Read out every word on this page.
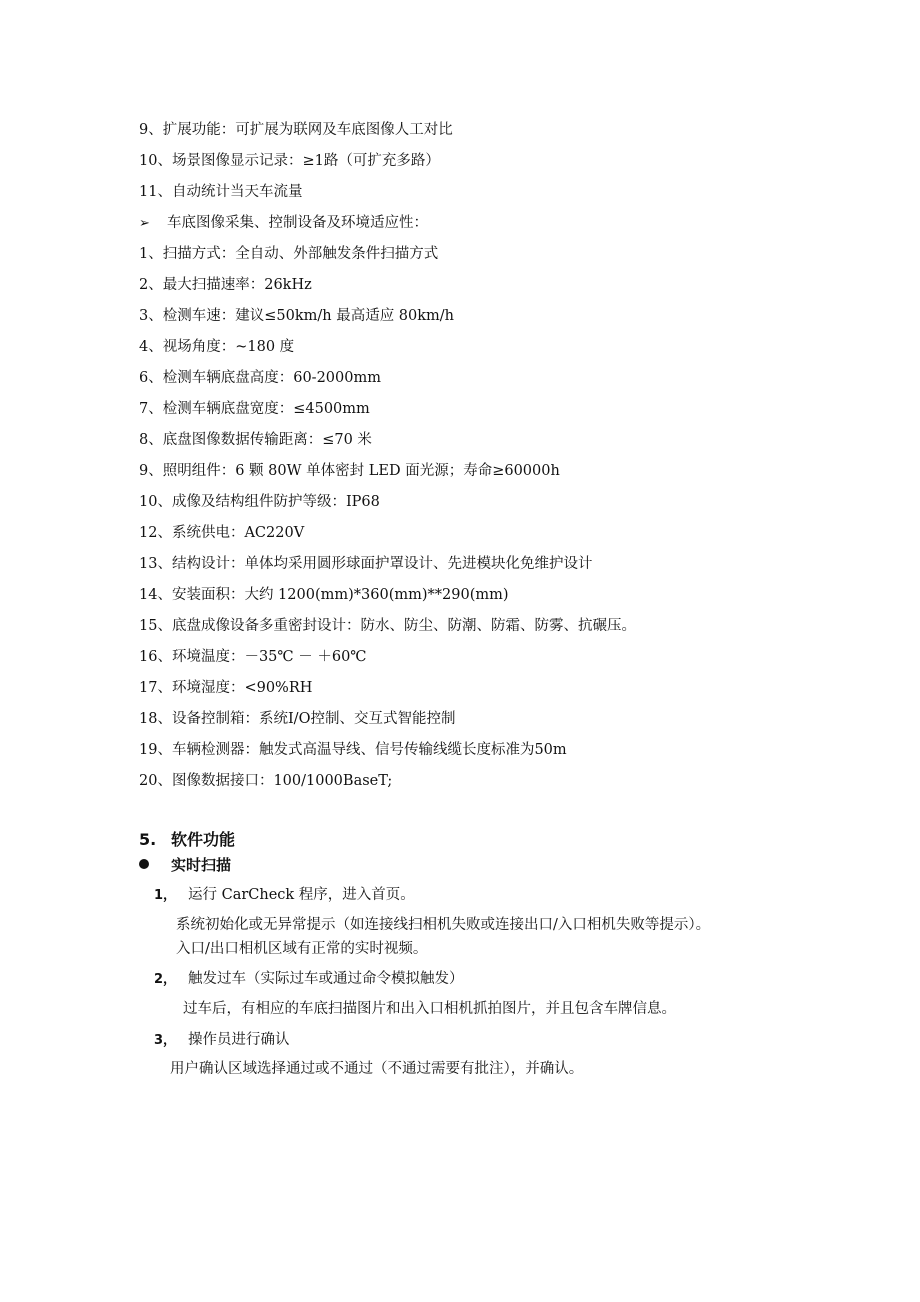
9、扩展功能：可扩展为联网及车底图像人工对比
10、场景图像显示记录：≥1路（可扩充多路）
11、自动统计当天车流量
➢ 车底图像采集、控制设备及环境适应性：
1、扫描方式：全自动、外部触发条件扫描方式
2、最大扫描速率：26kHz
3、检测车速：建议≤50km/h 最高适应 80km/h
4、视场角度：~180 度
6、检测车辆底盘高度：60-2000mm
7、检测车辆底盘宽度：≤4500mm
8、底盘图像数据传输距离：≤70 米
9、照明组件：6 颗 80W 单体密封 LED 面光源；寿命≥60000h
10、成像及结构组件防护等级：IP68
12、系统供电：AC220V
13、结构设计：单体均采用圆形球面护罩设计、先进模块化免维护设计
14、安装面积：大约 1200(mm)*360(mm)**290(mm)
15、底盘成像设备多重密封设计：防水、防尘、防潮、防霜、防雾、抗碾压。
16、环境温度：－35℃ － ＋60℃
17、环境湿度：<90%RH
18、设备控制箱：系统I/O控制、交互式智能控制
19、车辆检测器：触发式高温导线、信号传输线缆长度标准为50m
20、图像数据接口：100/1000BaseT;
5. 软件功能
实时扫描
1， 运行 CarCheck 程序，进入首页。
系统初始化或无异常提示（如连接线扫相机失败或连接出口/入口相机失败等提示）。
入口/出口相机区域有正常的实时视频。
2， 触发过车（实际过车或通过命令模拟触发）
过车后，有相应的车底扫描图片和出入口相机抓拍图片，并且包含车牌信息。
3， 操作员进行确认
用户确认区域选择通过或不通过（不通过需要有批注），并确认。
